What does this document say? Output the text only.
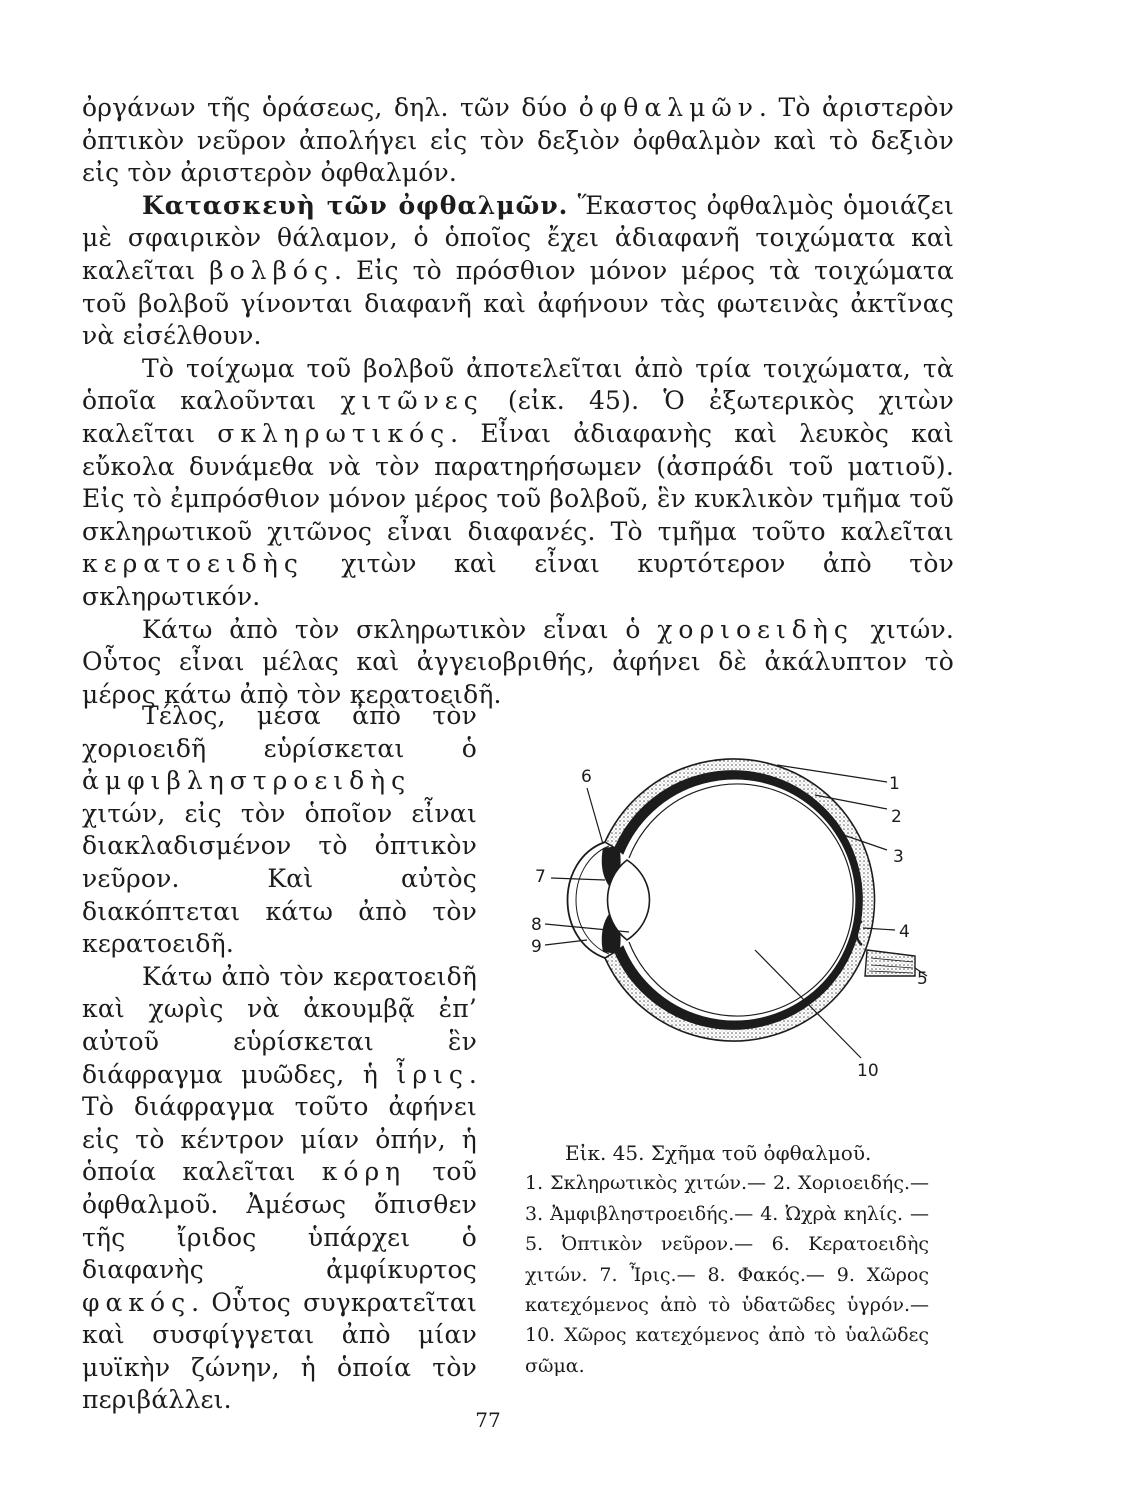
ὀργάνων τῆς ὁράσεως, δηλ. τῶν δύο ὀφθαλμῶν. Τὸ ἀριστερὸν ὀπτικὸν νεῦρον ἀπολήγει εἰς τὸν δεξιὸν ὀφθαλμὸν καὶ τὸ δεξιὸν εἰς τὸν ἀριστερὸν ὀφθαλμόν.
Κατασκευὴ τῶν ὀφθαλμῶν. Ἕκαστος ὀφθαλμὸς ὁμοιάζει μὲ σφαιρικὸν θάλαμον, ὁ ὁποῖος ἔχει ἀδιαφανῆ τοιχώματα καὶ καλεῖται βολβός. Εἰς τὸ πρόσθιον μόνον μέρος τὰ τοιχώματα τοῦ βολβοῦ γίνονται διαφανῆ καὶ ἀφήνουν τὰς φωτεινὰς ἀκτῖνας νὰ εἰσέλθουν.
Τὸ τοίχωμα τοῦ βολβοῦ ἀποτελεῖται ἀπὸ τρία τοιχώματα, τὰ ὁποῖα καλοῦνται χιτῶνες (εἰκ. 45). Ὁ ἐξωτερικὸς χιτὼν καλεῖται σκληρωτικός. Εἶναι ἀδιαφανὴς καὶ λευκὸς καὶ εὔκολα δυνάμεθα νὰ τὸν παρατηρήσωμεν (ἀσπράδι τοῦ ματιοῦ). Εἰς τὸ ἐμπρόσθιον μόνον μέρος τοῦ βολβοῦ, ἓν κυκλικὸν τμῆμα τοῦ σκληρωτικοῦ χιτῶνος εἶναι διαφανές. Τὸ τμῆμα τοῦτο καλεῖται κερατοειδὴς χιτὼν καὶ εἶναι κυρτότερον ἀπὸ τὸν σκληρωτικόν.
Κάτω ἀπὸ τὸν σκληρωτικὸν εἶναι ὁ χοριοειδὴς χιτών. Οὗτος εἶναι μέλας καὶ ἀγγειοβριθής, ἀφήνει δὲ ἀκάλυπτον τὸ μέρος κάτω ἀπὸ τὸν κερατοειδῆ.
Τέλος, μέσα ἀπὸ τὸν χοριοειδῆ εὑρίσκεται ὁ ἀμφιβληστροειδὴς χιτών, εἰς τὸν ὁποῖον εἶναι διακλαδισμένον τὸ ὀπτικὸν νεῦρον. Καὶ αὐτὸς διακόπτεται κάτω ἀπὸ τὸν κερατοειδῆ.
Κάτω ἀπὸ τὸν κερατοειδῆ καὶ χωρὶς νὰ ἀκουμβᾷ ἐπ’ αὐτοῦ εὑρίσκεται ἓν διάφραγμα μυῶδες, ἡ ἶρις. Τὸ διάφραγμα τοῦτο ἀφήνει εἰς τὸ κέντρον μίαν ὀπήν, ἡ ὁποία καλεῖται κόρη τοῦ ὀφθαλμοῦ. Ἀμέσως ὄπισθεν τῆς ἴριδος ὑπάρχει ὁ διαφανὴς ἀμφίκυρτος φακός. Οὗτος συγκρατεῖται καὶ συσφίγγεται ἀπὸ μίαν μυϊκὴν ζώνην, ἡ ὁποία τὸν περιβάλλει.
1
2
3
4
5
6
7
8
9
10
Εἰκ. 45. Σχῆμα τοῦ ὀφθαλμοῦ.
1. Σκληρωτικὸς χιτών.— 2. Χοριοειδής.— 3. Ἀμφιβληστροειδής.— 4. Ὠχρὰ κηλίς. — 5. Ὀπτικὸν νεῦρον.— 6. Κερατοειδὴς χιτών. 7. Ἶρις.— 8. Φακός.— 9. Χῶρος κατεχόμενος ἀπὸ τὸ ὑδατῶδες ὑγρόν.— 10. Χῶρος κατεχόμενος ἀπὸ τὸ ὑαλῶδες σῶμα.
77
